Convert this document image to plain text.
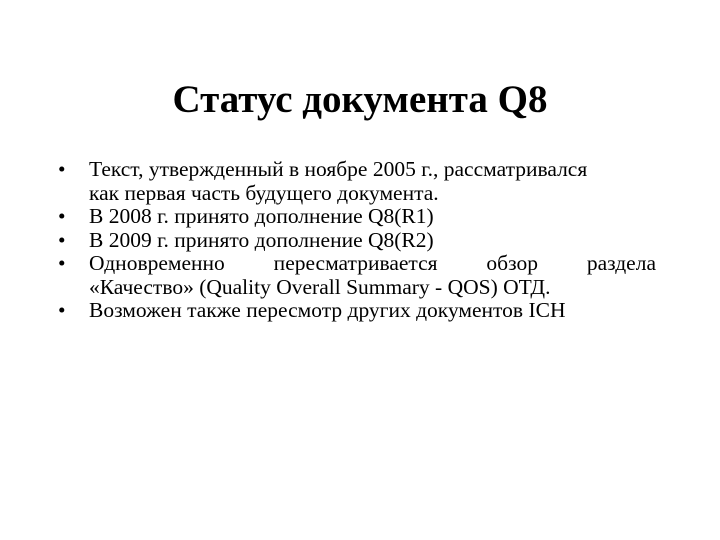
Статус документа Q8
•	Текст, утвержденный в ноябре 2005 г., рассматривался
как первая часть будущего документа.
•	В 2008 г. принято дополнение Q8(R1)
•	В 2009 г. принято дополнение Q8(R2)
•	Одновременно пересматривается обзор раздела
«Качество» (Quality Overall Summary - QOS) ОТД.
•	Возможен также пересмотр других документов ICH
